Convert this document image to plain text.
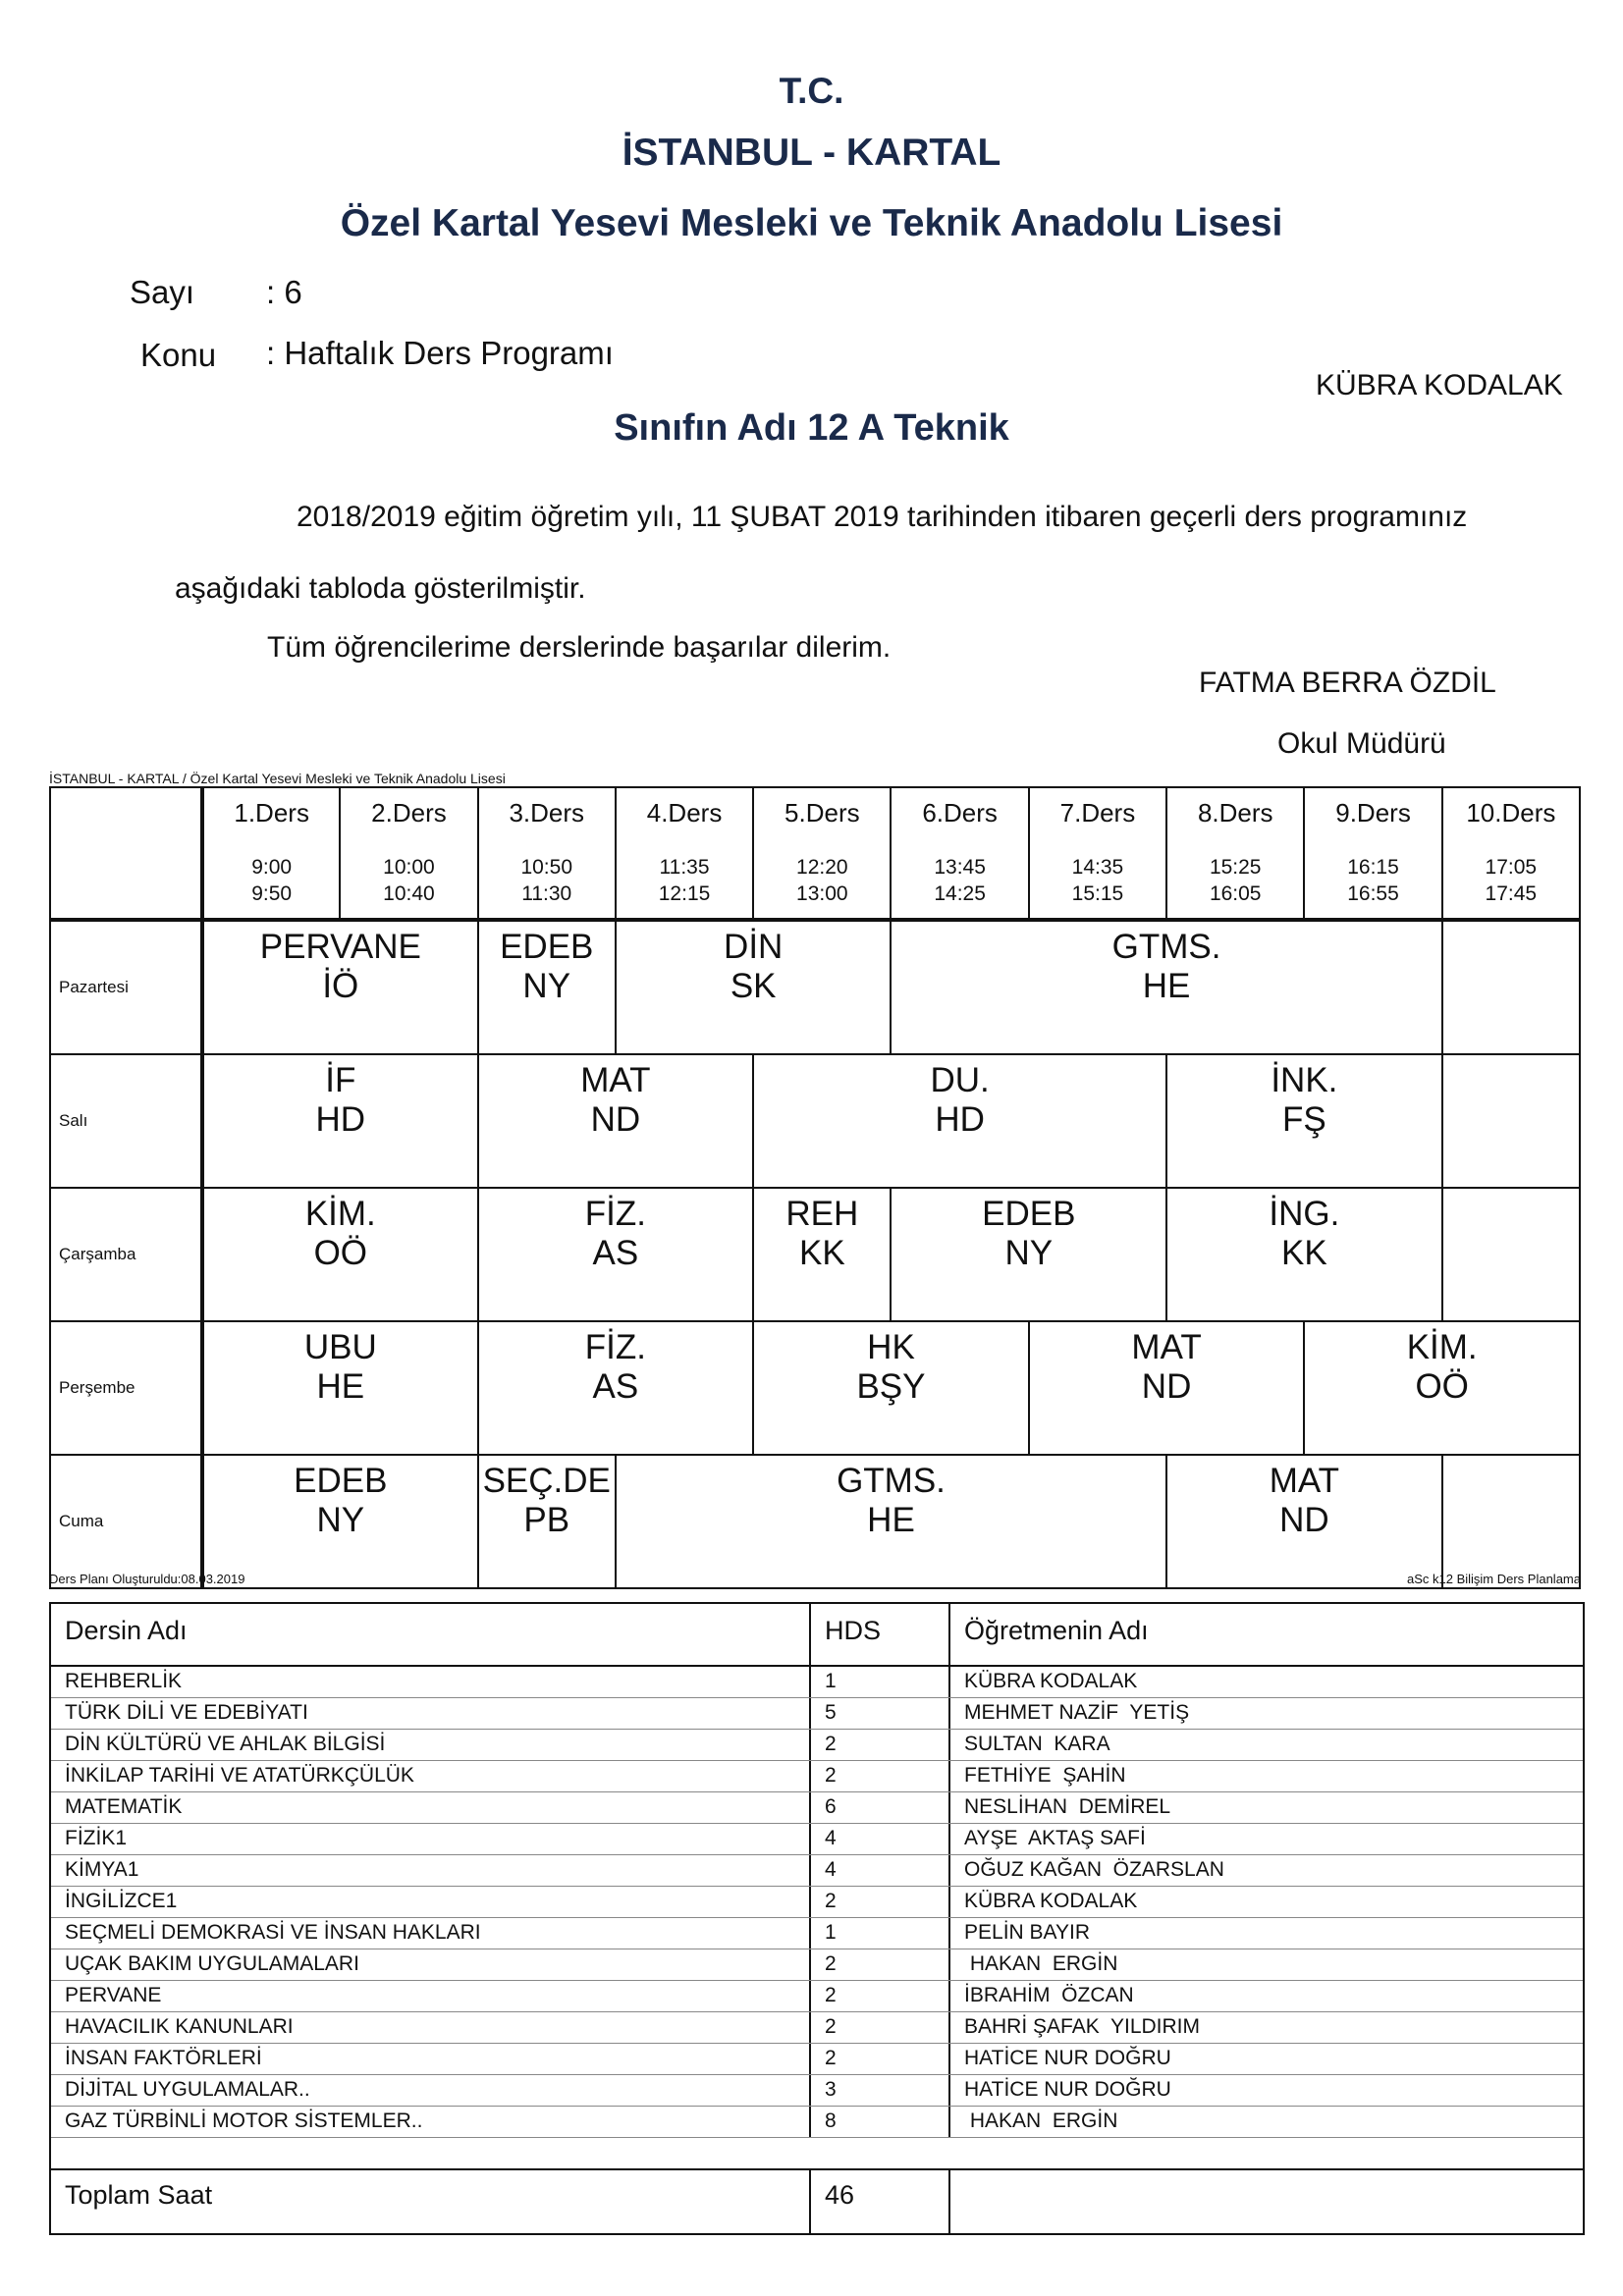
T.C.
İSTANBUL - KARTAL
Özel Kartal Yesevi Mesleki ve Teknik Anadolu Lisesi
Sayı : 6
Konu : Haftalık Ders Programı
KÜBRA KODALAK
Sınıfın Adı 12 A Teknik
2018/2019 eğitim öğretim yılı, 11 ŞUBAT 2019 tarihinden itibaren geçerli ders programınız
aşağıdaki tabloda gösterilmiştir.
Tüm öğrencilerime derslerinde başarılar dilerim.
FATMA BERRA ÖZDİL
Okul Müdürü
İSTANBUL - KARTAL / Özel Kartal Yesevi Mesleki ve Teknik Anadolu Lisesi

	1.Ders
9:00
9:50	2.Ders
10:00
10:40	3.Ders
10:50
11:30	4.Ders
11:35
12:15	5.Ders
12:20
13:00	6.Ders
13:45
14:25	7.Ders
14:35
15:15	8.Ders
15:25
16:05	9.Ders
16:15
16:55	10.Ders
17:05
17:45

Pazartesi	PERVANE
İÖ		EDEB
NY	DİN
SK		GTMS.
HE				

Salı	İF
HD		MAT
ND		DU.
HD			İNK.
FŞ		

Çarşamba	KİM.
OÖ		FİZ.
AS		REH
KK	EDEB
NY		İNG.
KK		

Perşembe	UBU
HE		FİZ.
AS		HK
BŞY		MAT
ND		KİM.
OÖ	

Cuma	EDEB
NY		SEÇ.DE
PB	GTMS.
HE				MAT
ND		

Ders Planı Oluşturuldu:08.03.2019	aSc k12 Bilişim Ders Planlama
Dersin Adı	HDS	Öğretmenin Adı
REHBERLİK	1	KÜBRA KODALAK
TÜRK DİLİ VE EDEBİYATI	5	MEHMET NAZİF  YETİŞ
DİN KÜLTÜRÜ VE AHLAK BİLGİSİ	2	SULTAN  KARA
İNKİLAP TARİHİ VE ATATÜRKÇÜLÜK	2	FETHİYE  ŞAHİN
MATEMATİK	6	NESLİHAN  DEMİREL
FİZİK1	4	AYŞE  AKTAŞ SAFİ
KİMYA1	4	OĞUZ KAĞAN  ÖZARSLAN
İNGİLİZCE1	2	KÜBRA KODALAK
SEÇMELİ DEMOKRASİ VE İNSAN HAKLARI	1	PELİN BAYIR
UÇAK BAKIM UYGULAMALARI	2	HAKAN  ERGİN
PERVANE	2	İBRAHİM  ÖZCAN
HAVACILIK KANUNLARI	2	BAHRİ ŞAFAK  YILDIRIM
İNSAN FAKTÖRLERİ	2	HATİCE NUR DOĞRU
DİJİTAL UYGULAMALAR..	3	HATİCE NUR DOĞRU
GAZ TÜRBİNLİ MOTOR SİSTEMLER..	8	HAKAN  ERGİN
Toplam Saat	46
